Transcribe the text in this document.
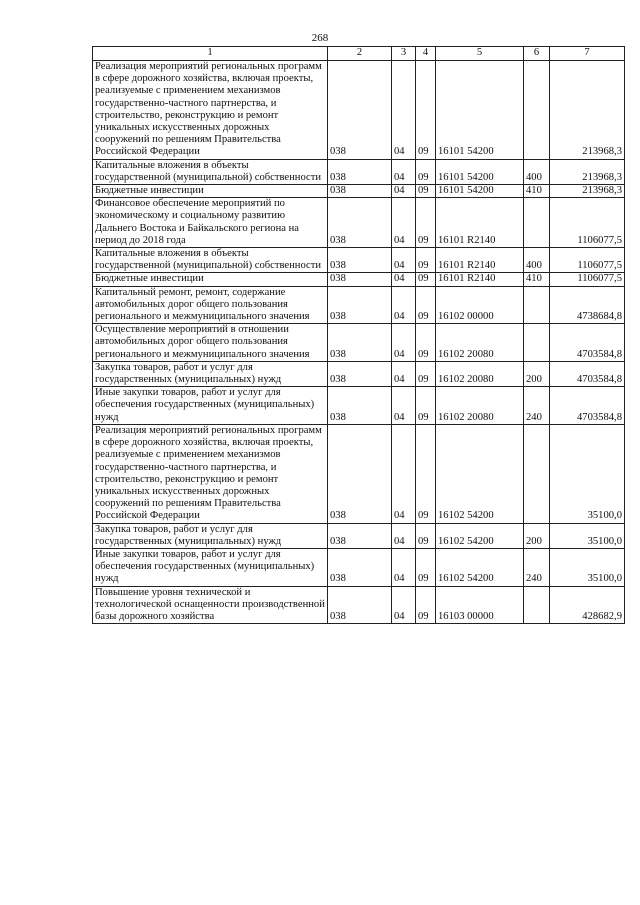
268
1	2	3	4	5	6	7
Реализация мероприятий региональных программ в сфере дорожного хозяйства, включая проекты, реализуемые с применением механизмов государственно-частного партнерства, и строительство, реконструкцию и ремонт уникальных искусственных дорожных сооружений по решениям Правительства Российской Федерации	038	04	09	16101 54200		213968,3
Капитальные вложения в объекты государственной (муниципальной) собственности	038	04	09	16101 54200	400	213968,3
Бюджетные инвестиции	038	04	09	16101 54200	410	213968,3
Финансовое обеспечение мероприятий по экономическому и социальному развитию Дальнего Востока и Байкальского региона на период до 2018 года	038	04	09	16101 R2140		1106077,5
Капитальные вложения в объекты государственной (муниципальной) собственности	038	04	09	16101 R2140	400	1106077,5
Бюджетные инвестиции	038	04	09	16101 R2140	410	1106077,5
Капитальный ремонт, ремонт, содержание автомобильных дорог общего пользования регионального и межмуниципального значения	038	04	09	16102 00000		4738684,8
Осуществление мероприятий в отношении автомобильных дорог общего пользования регионального и межмуниципального значения	038	04	09	16102 20080		4703584,8
Закупка товаров, работ и услуг для государственных (муниципальных) нужд	038	04	09	16102 20080	200	4703584,8
Иные закупки товаров, работ и услуг для обеспечения государственных (муниципальных) нужд	038	04	09	16102 20080	240	4703584,8
Реализация мероприятий региональных программ в сфере дорожного хозяйства, включая проекты, реализуемые с применением механизмов государственно-частного партнерства, и строительство, реконструкцию и ремонт уникальных искусственных дорожных сооружений по решениям Правительства Российской Федерации	038	04	09	16102 54200		35100,0
Закупка товаров, работ и услуг для государственных (муниципальных) нужд	038	04	09	16102 54200	200	35100,0
Иные закупки товаров, работ и услуг для обеспечения государственных (муниципальных) нужд	038	04	09	16102 54200	240	35100,0
Повышение уровня технической и технологической оснащенности производственной базы дорожного хозяйства	038	04	09	16103 00000		428682,9
